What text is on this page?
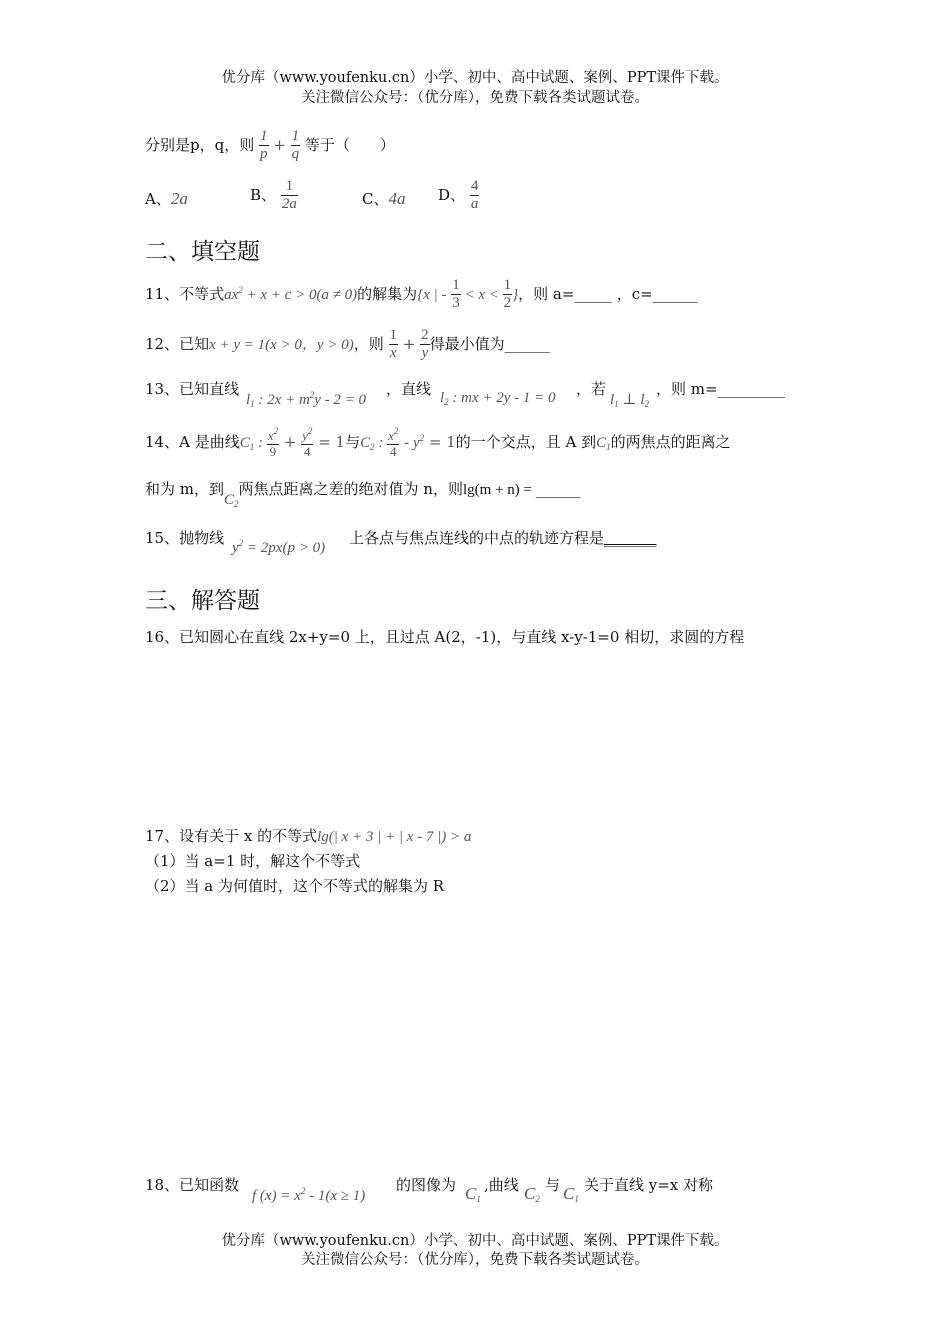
优分库（www.youfenku.cn）小学、初中、高中试题、案例、PPT课件下载。
关注微信公众号：（优分库），免费下载各类试题试卷。
分别是p，q，则 $\frac{1}{p} + \frac{1}{q}$ 等于（　　）
A、2a	B、 $\frac{1}{2a}$	C、4a D、 $\frac{4}{a}$
二、填空题
11、不等式$ax^2 + x + c > 0(a \ne 0)$的解集为{x | - $\frac{1}{3} < x < \frac{1}{2}$ }，则 a=_____ ，c=______
12、已知x + y = 1(x > 0，y > 0)，则 $\frac{1}{x} + \frac{2}{y}$ 得最小值为______
13、已知直线
$l_1$ : $2x + m^2y - 2 = 0$
，直线 $l_2$ : mx + 2y - 1 = 0 ，若
$l_1$ ⊥ $l_2$
，则 m=_________
14、A 是曲线$C_1$ : $\frac{x^2}{9} + \frac{y^2}{4} = 1$与$C_2$ : $\frac{x^2}{4} - y^2 = 1$的一个交点，且 A 到$C_1$的两焦点的距离之
和为 m，到$C_2$两焦点距离之差的绝对值为 n，则lg(m + n) = ______
15、抛物线
$y^2 = 2px(p > 0)$
上各点与焦点连线的中点的轨迹方程是_______
三、解答题
16、已知圆心在直线 2x+y=0 上，且过点 A(2，-1)，与直线 x-y-1=0 相切，求圆的方程
17、设有关于 x 的不等式lg(| x + 3 | + | x - 7 |) > a
（1）当 a=1 时，解这个不等式
（2）当 a 为何值时，这个不等式的解集为 R
18、已知函数
f $(x) = x^2 - 1(x \ge 1)$
的图像为 $C_1$
,曲线 $C_2$
与 $C_1$
关于直线 y=x 对称
优分库（www.youfenku.cn）小学、初中、高中试题、案例、PPT课件下载。
关注微信公众号：（优分库），免费下载各类试题试卷。
